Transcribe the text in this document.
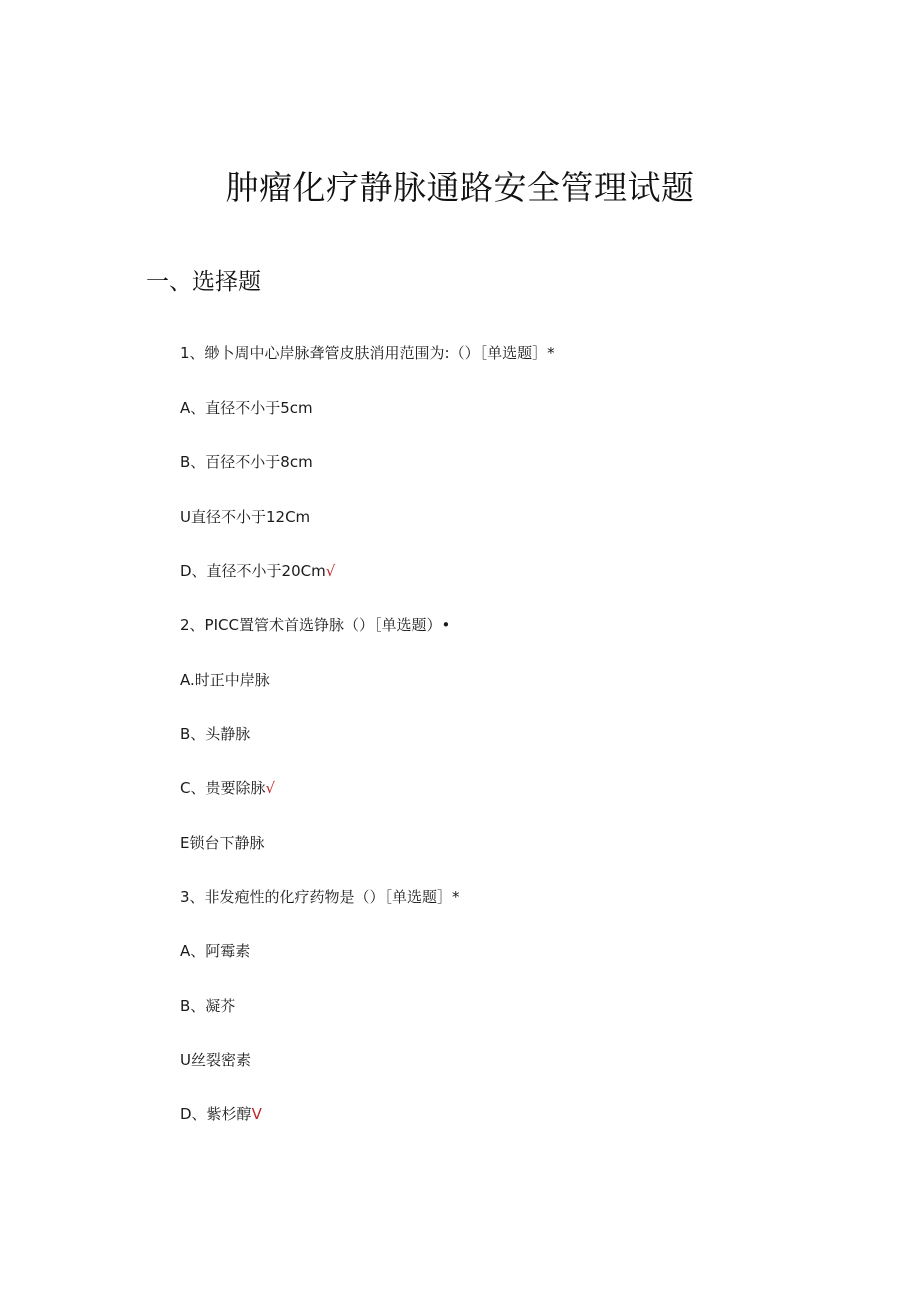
肿瘤化疗静脉通路安全管理试题
一、选择题
1、缈卜周中心岸脉聋管皮肤消用范围为:（）［单选题］*
A、直径不小于5cm
B、百径不小于8cm
U直径不小于12Cm
D、直径不小于20Cm√
2、PICC置管术首选铮脉（）［单选题）•
A.时正中岸脉
B、头静脉
C、贵要除脉√
E锁台下静脉
3、非发疱性的化疗药物是（）［单选题］*
A、阿霉素
B、凝芥
U丝裂密素
D、紫杉醇V
